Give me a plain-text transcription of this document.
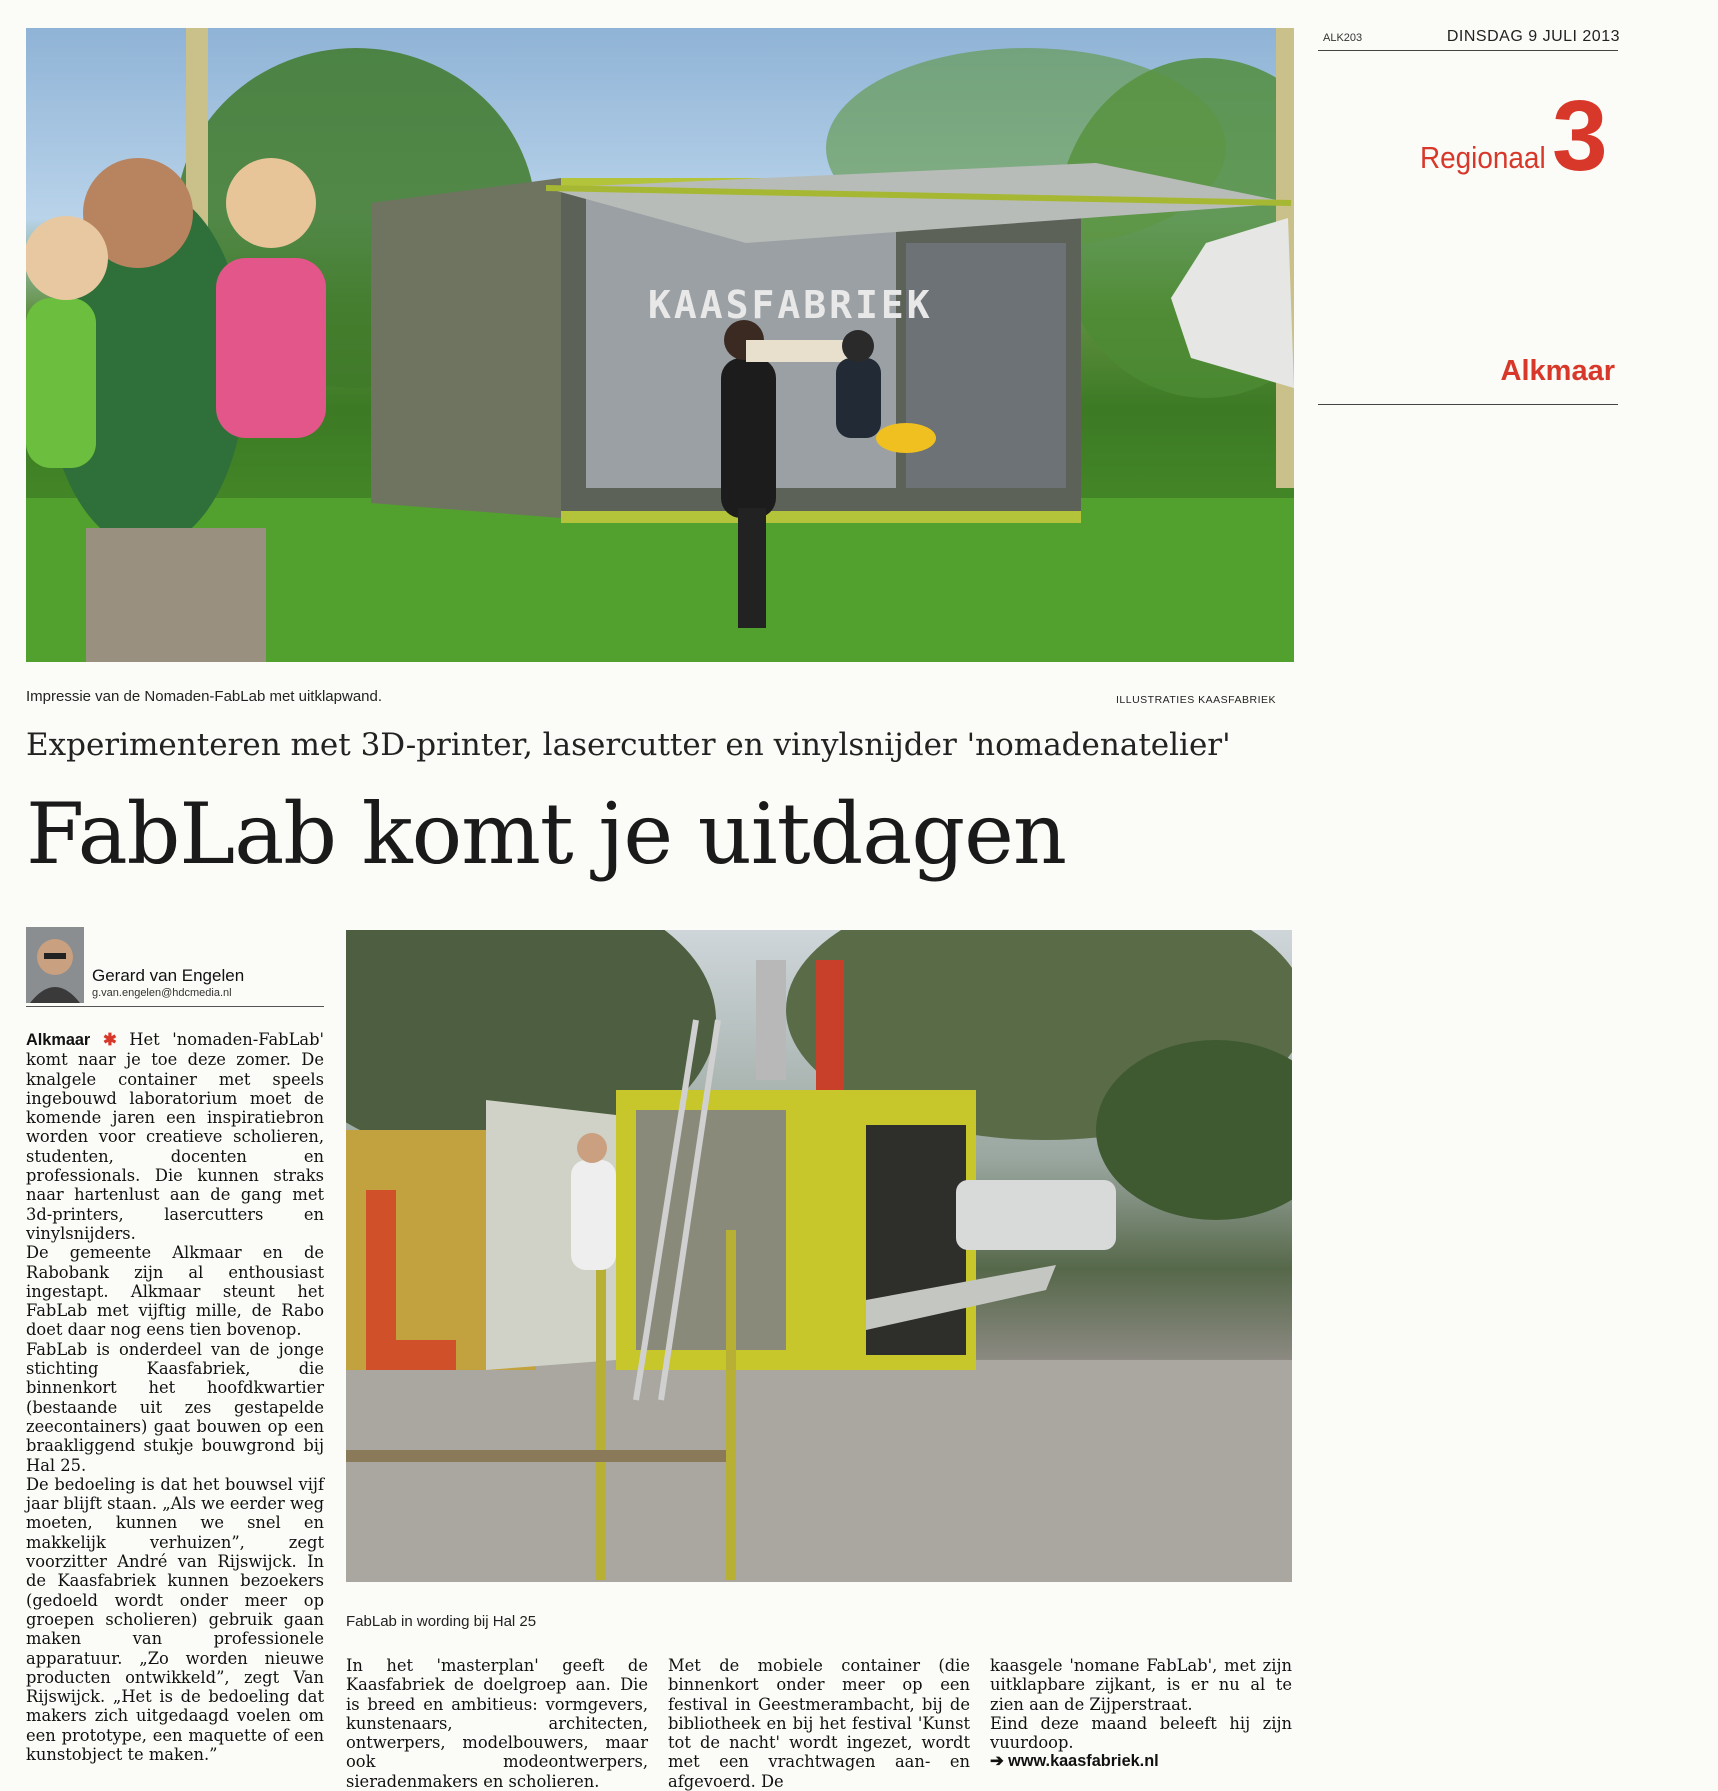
ALK203	DINSDAG 9 JULI 2013
Regionaal 3
Alkmaar
KAASFABRIEK
Impressie van de Nomaden-FabLab met uitklapwand.	ILLUSTRATIES KAASFABRIEK
Experimenteren met 3D-printer, lasercutter en vinylsnijder 'nomadenatelier'
FabLab komt je uitdagen
Gerard van Engelen
g.van.engelen@hdcmedia.nl

Alkmaar ✱ Het 'nomaden-FabLab' komt naar je toe deze zomer. De knalgele container met speels ingebouwd laboratorium moet de komende jaren een inspiratiebron worden voor creatieve scholieren, studenten, docenten en professionals. Die kunnen straks naar hartenlust aan de gang met 3d-printers, lasercutters en vinylsnijders.

De gemeente Alkmaar en de Rabobank zijn al enthousiast ingestapt. Alkmaar steunt het FabLab met vijftig mille, de Rabo doet daar nog eens tien bovenop.

FabLab is onderdeel van de jonge stichting Kaasfabriek, die binnenkort het hoofdkwartier (bestaande uit zes gestapelde zeecontainers) gaat bouwen op een braakliggend stukje bouwgrond bij Hal 25.

De bedoeling is dat het bouwsel vijf jaar blijft staan. „Als we eerder weg moeten, kunnen we snel en makkelijk verhuizen”, zegt voorzitter André van Rijswijck. In de Kaasfabriek kunnen bezoekers (gedoeld wordt onder meer op groepen scholieren) gebruik gaan maken van professionele apparatuur. „Zo worden nieuwe producten ontwikkeld”, zegt Van Rijswijck. „Het is de bedoeling dat makers zich uitgedaagd voelen om een prototype, een maquette of een kunstobject te maken.”

FabLab in wording bij Hal 25
In het 'masterplan' geeft de Kaasfabriek de doelgroep aan. Die is breed en ambitieus: vormgevers, kunstenaars, architecten, ontwerpers, modelbouwers, maar ook modeontwerpers, sieradenmakers en scholieren.
Met de mobiele container (die binnenkort onder meer op een festival in Geestmerambacht, bij de bibliotheek en bij het festival 'Kunst tot de nacht' wordt ingezet, wordt met een vrachtwagen aan- en afgevoerd. De

kaasgele 'nomane FabLab', met zijn uitklapbare zijkant, is er nu al te zien aan de Zijperstraat.

Eind deze maand beleeft hij zijn vuurdoop.

➔ www.kaasfabriek.nl
